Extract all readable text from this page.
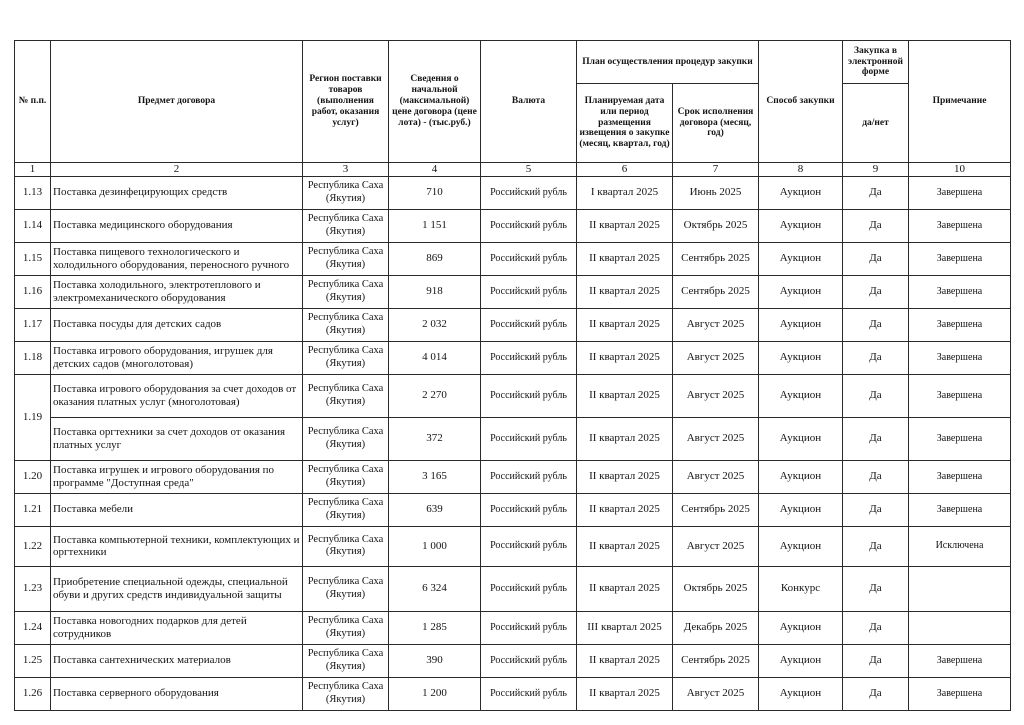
№ п.п.	Предмет договора	Регион поставки товаров (выполнения работ, оказания услуг)	Сведения о начальной (максимальной) цене договора (цене лота) - (тыс.руб.)	Валюта	План осуществления процедур закупки		Способ закупки	Закупка в электронной форме	Примечание
					Планируемая дата или период размещения извещения о закупке (месяц, квартал, год)	Срок исполнения договора (месяц, год)		да/нет	
1	2	3	4	5	6	7	8	9	10
1.13	Поставка дезинфецирующих средств	Республика Саха (Якутия)	710	Российский рубль	I квартал 2025	Июнь 2025	Аукцион	Да	Завершена
1.14	Поставка медицинского оборудования	Республика Саха (Якутия)	1 151	Российский рубль	II квартал 2025	Октябрь 2025	Аукцион	Да	Завершена
1.15	Поставка пищевого технологического и холодильного оборудования, переносного ручного	Республика Саха (Якутия)	869	Российский рубль	II квартал 2025	Сентябрь 2025	Аукцион	Да	Завершена
1.16	Поставка холодильного, электротеплового и электромеханического оборудования	Республика Саха (Якутия)	918	Российский рубль	II квартал 2025	Сентябрь 2025	Аукцион	Да	Завершена
1.17	Поставка посуды для детских садов	Республика Саха (Якутия)	2 032	Российский рубль	II квартал 2025	Август 2025	Аукцион	Да	Завершена
1.18	Поставка игрового оборудования, игрушек для детских садов (многолотовая)	Республика Саха (Якутия)	4 014	Российский рубль	II квартал 2025	Август 2025	Аукцион	Да	Завершена
1.19	Поставка игрового оборудования за счет доходов от оказания платных услуг (многолотовая)	Республика Саха (Якутия)	2 270	Российский рубль	II квартал 2025	Август 2025	Аукцион	Да	Завершена
	Поставка оргтехники за счет доходов от оказания платных услуг	Республика Саха (Якутия)	372	Российский рубль	II квартал 2025	Август 2025	Аукцион	Да	Завершена
1.20	Поставка игрушек и игрового оборудования по программе "Доступная среда"	Республика Саха (Якутия)	3 165	Российский рубль	II квартал 2025	Август 2025	Аукцион	Да	Завершена
1.21	Поставка мебели	Республика Саха (Якутия)	639	Российский рубль	II квартал 2025	Сентябрь 2025	Аукцион	Да	Завершена
1.22	Поставка компьютерной техники, комплектующих и оргтехники	Республика Саха (Якутия)	1 000	Российский рубль	II квартал 2025	Август 2025	Аукцион	Да	Исключена
1.23	Приобретение специальной одежды, специальной обуви и других средств индивидуальной защиты	Республика Саха (Якутия)	6 324	Российский рубль	II квартал 2025	Октябрь 2025	Конкурс	Да	
1.24	Поставка новогодних подарков для детей сотрудников	Республика Саха (Якутия)	1 285	Российский рубль	III квартал 2025	Декабрь 2025	Аукцион	Да	
1.25	Поставка сантехнических материалов	Республика Саха (Якутия)	390	Российский рубль	II квартал 2025	Сентябрь 2025	Аукцион	Да	Завершена
1.26	Поставка серверного оборудования	Республика Саха (Якутия)	1 200	Российский рубль	II квартал 2025	Август 2025	Аукцион	Да	Завершена
